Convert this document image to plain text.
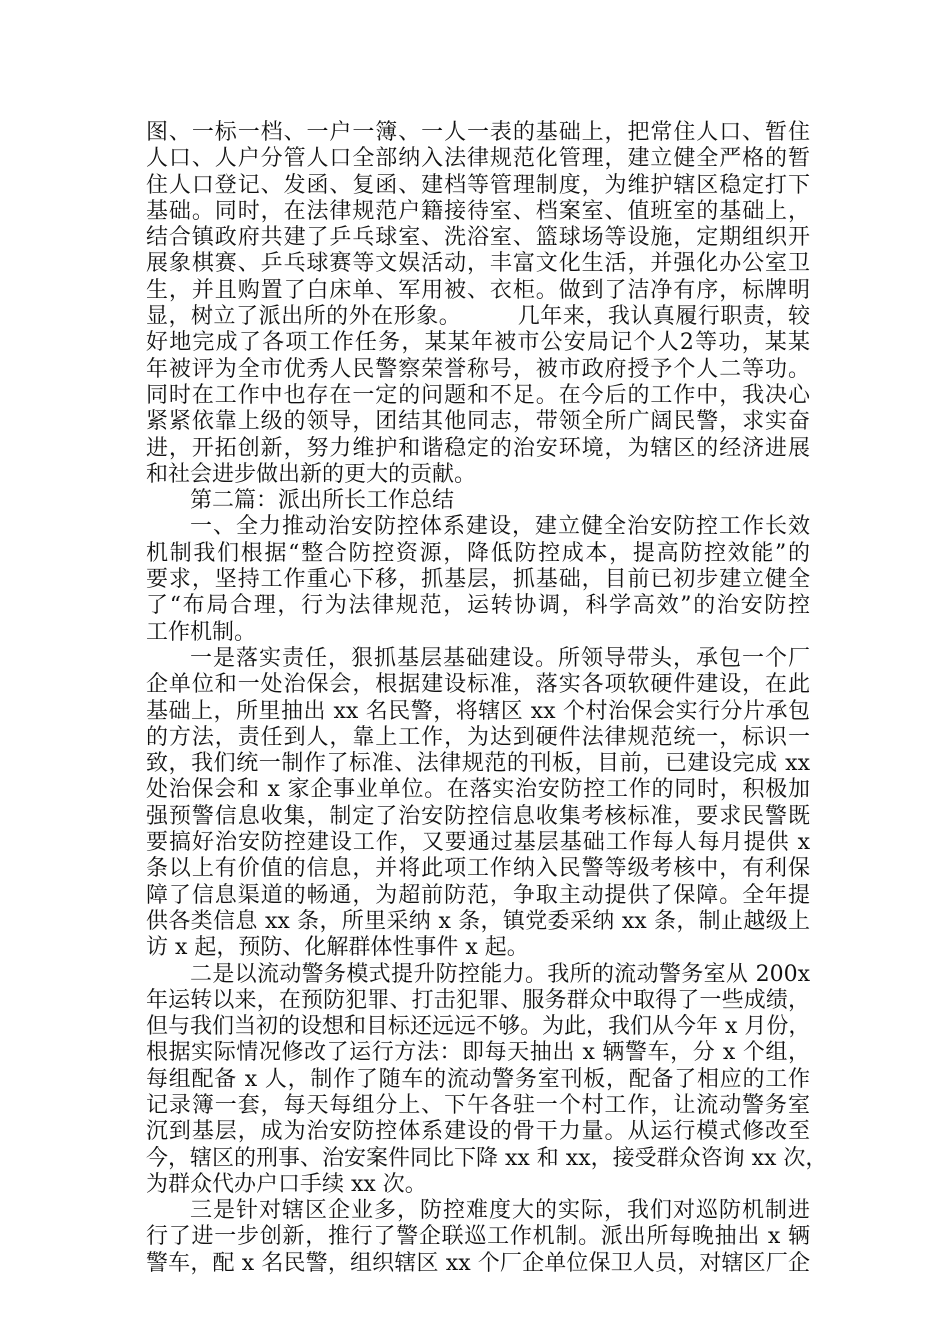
图、一标一档、一户一簿、一人一表的基础上，把常住人口、暂住
人口、人户分管人口全部纳入法律规范化管理，建立健全严格的暂
住人口登记、发函、复函、建档等管理制度，为维护辖区稳定打下
基础。同时，在法律规范户籍接待室、档案室、值班室的基础上，
结合镇政府共建了乒乓球室、洗浴室、篮球场等设施，定期组织开
展象棋赛、乒乓球赛等文娱活动，丰富文化生活，并强化办公室卫
生，并且购置了白床单、军用被、衣柜。做到了洁净有序，标牌明
显，树立了派出所的外在形象。　　　几年来，我认真履行职责，较
好地完成了各项工作任务，某某年被市公安局记个人2等功，某某
年被评为全市优秀人民警察荣誉称号，被市政府授予个人二等功。
同时在工作中也存在一定的问题和不足。在今后的工作中，我决心
紧紧依靠上级的领导，团结其他同志，带领全所广阔民警，求实奋
进，开拓创新，努力维护和谐稳定的治安环境，为辖区的经济进展
和社会进步做出新的更大的贡献。
第二篇：派出所长工作总结
一、全力推动治安防控体系建设，建立健全治安防控工作长效
机制我们根据“整合防控资源，降低防控成本，提高防控效能”的
要求，坚持工作重心下移，抓基层，抓基础，目前已初步建立健全
了“布局合理，行为法律规范，运转协调，科学高效”的治安防控
工作机制。
一是落实责任，狠抓基层基础建设。所领导带头，承包一个厂
企单位和一处治保会，根据建设标准，落实各项软硬件建设，在此
基础上，所里抽出 xx 名民警，将辖区 xx 个村治保会实行分片承包
的方法，责任到人，靠上工作，为达到硬件法律规范统一，标识一
致，我们统一制作了标准、法律规范的刊板，目前，已建设完成 xx
处治保会和 x 家企事业单位。在落实治安防控工作的同时，积极加
强预警信息收集，制定了治安防控信息收集考核标准，要求民警既
要搞好治安防控建设工作，又要通过基层基础工作每人每月提供 x
条以上有价值的信息，并将此项工作纳入民警等级考核中，有利保
障了信息渠道的畅通，为超前防范，争取主动提供了保障。全年提
供各类信息 xx 条，所里采纳 x 条，镇党委采纳 xx 条，制止越级上
访 x 起，预防、化解群体性事件 x 起。
二是以流动警务模式提升防控能力。我所的流动警务室从 200x
年运转以来，在预防犯罪、打击犯罪、服务群众中取得了一些成绩，
但与我们当初的设想和目标还远远不够。为此，我们从今年 x 月份，
根据实际情况修改了运行方法：即每天抽出 x 辆警车，分 x 个组，
每组配备 x 人，制作了随车的流动警务室刊板，配备了相应的工作
记录簿一套，每天每组分上、下午各驻一个村工作，让流动警务室
沉到基层，成为治安防控体系建设的骨干力量。从运行模式修改至
今，辖区的刑事、治安案件同比下降 xx 和 xx，接受群众咨询 xx 次，
为群众代办户口手续 xx 次。
三是针对辖区企业多，防控难度大的实际，我们对巡防机制进
行了进一步创新，推行了警企联巡工作机制。派出所每晚抽出 x 辆
警车，配 x 名民警，组织辖区 xx 个厂企单位保卫人员，对辖区厂企
